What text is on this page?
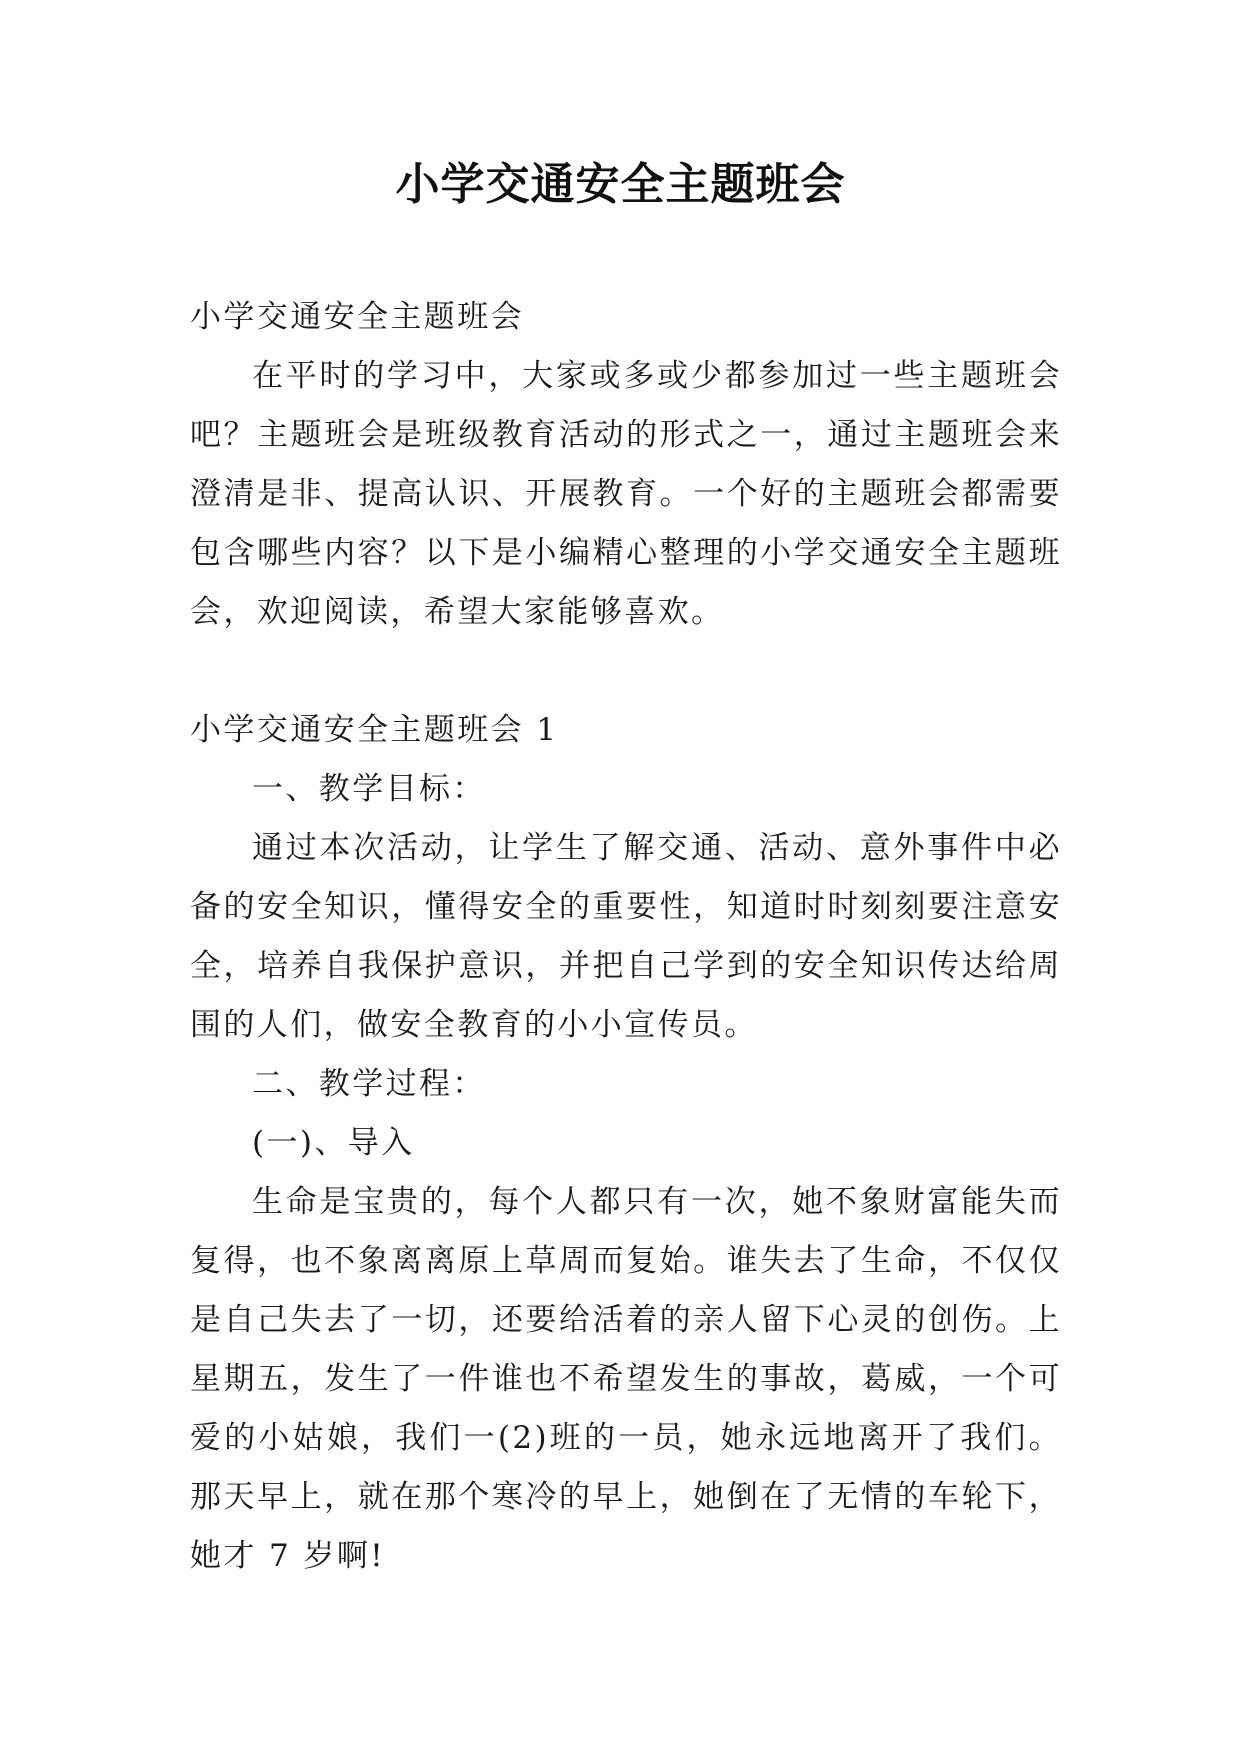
小学交通安全主题班会

小学交通安全主题班会

在平时的学习中，大家或多或少都参加过一些主题班会吧？主题班会是班级教育活动的形式之一，通过主题班会来澄清是非、提高认识、开展教育。一个好的主题班会都需要包含哪些内容？以下是小编精心整理的小学交通安全主题班会，欢迎阅读，希望大家能够喜欢。

小学交通安全主题班会 1

一、教学目标：

通过本次活动，让学生了解交通、活动、意外事件中必备的安全知识，懂得安全的重要性，知道时时刻刻要注意安全，培养自我保护意识，并把自己学到的安全知识传达给周围的人们，做安全教育的小小宣传员。

二、教学过程：

(一)、导入

生命是宝贵的，每个人都只有一次，她不象财富能失而复得，也不象离离原上草周而复始。谁失去了生命，不仅仅是自己失去了一切，还要给活着的亲人留下心灵的创伤。上星期五，发生了一件谁也不希望发生的事故，葛威，一个可爱的小姑娘，我们一(2)班的一员，她永远地离开了我们。那天早上，就在那个寒冷的早上，她倒在了无情的车轮下，她才 7 岁啊!
